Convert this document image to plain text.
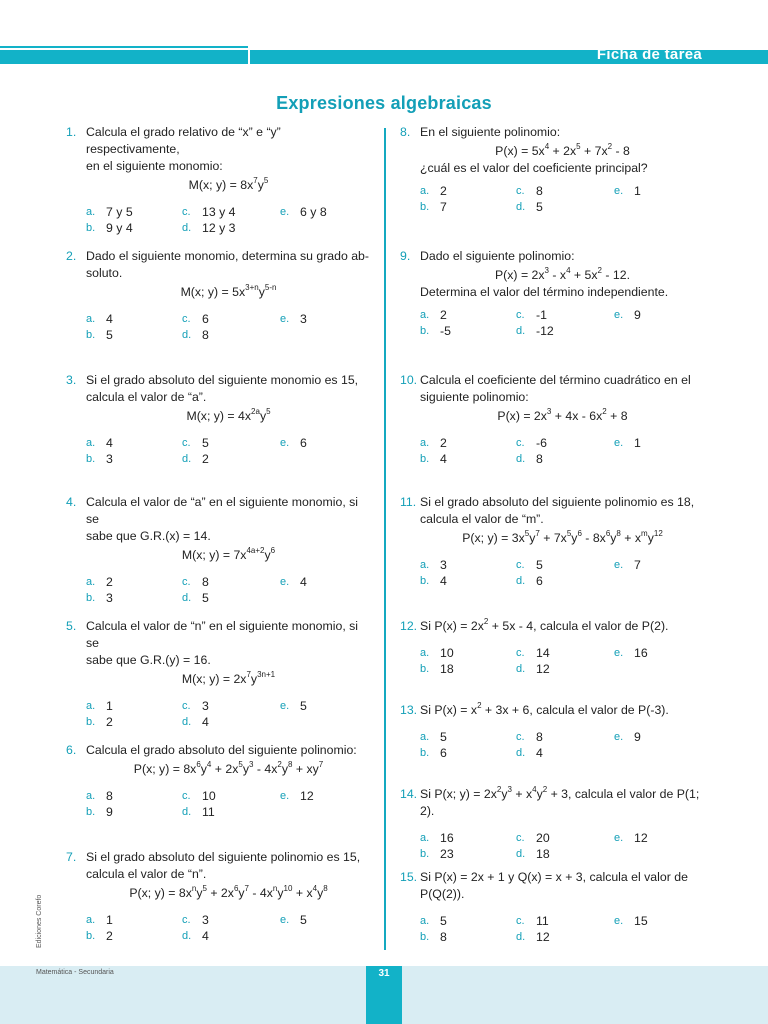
Ficha de tarea
Expresiones algebraicas
1. Calcula el grado relativo de “x” e “y” respectivamente,
en el siguiente monomio:
M(x; $y) = 8x^7y^5$
a. 7 y 5	c. 13 y 4	e. 6 y 8
b. 9 y 4	d. 12 y 3
2. Dado el siguiente monomio, determina su grado ab-
soluto.
M(x; $y) = 5x^{3+n}y^{5-n}$
a. 4	c. 6	e. 3
b. 5	d. 8
3. Si el grado absoluto del siguiente monomio es 15,
calcula el valor de “a”.
M(x; $y) = 4x^{2a}y^5$
a. 4	c. 5	e. 6
b. 3	d. 2
4. Calcula el valor de “a” en el siguiente monomio, si se
sabe que G.R.(x) = 14.
M(x; $y) = 7x^{4a+2}y^6$
a. 2	c. 8	e. 4
b. 3	d. 5
5. Calcula el valor de “n” en el siguiente monomio, si se
sabe que G.R.(y) = 16.
M(x; $y) = 2x^7y^{3n+1}$
a. 1	c. 3	e. 5
b. 2	d. 4
6. Calcula el grado absoluto del siguiente polinomio:
P(x; $y) = 8x^6y^4 + 2x^5y^3 - 4x^2y^8 + xy^7$
a. 8	c. 10	e. 12
b. 9	d. 11
7. Si el grado absoluto del siguiente polinomio es 15,
calcula el valor de “n”.
P(x; $y) = 8x^ny^5 + 2x^6y^7 - 4x^ny^{10} + x^4y^8$
a. 1	c. 3	e. 5
b. 2	d. 4
8. En el siguiente polinomio:
$P(x) = 5x^4 + 2x^5 + 7x^2 - 8$
¿cuál es el valor del coeficiente principal?
a. 2	c. 8	e. 1
b. 7	d. 5
9. Dado el siguiente polinomio:
$P(x) = 2x^3 - x^4 + 5x^2 - 12$.
Determina el valor del término independiente.
a. 2	c. -1	e. 9
b. -5	d. -12
10. Calcula el coeficiente del término cuadrático en el
siguiente polinomio:
$P(x) = 2x^3 + 4x - 6x^2 + 8$
a. 2	c. -6	e. 1
b. 4	d. 8
11. Si el grado absoluto del siguiente polinomio es 18,
calcula el valor de “m”.
P(x; $y) = 3x^5y^7 + 7x^5y^6 - 8x^6y^8 + x^my^{12}$
a. 3	c. 5	e. 7
b. 4	d. 6
12. Si $P(x) = 2x^2 + 5x - 4$, calcula el valor de P(2).
a. 10	c. 14	e. 16
b. 18	d. 12
13. Si $P(x) = x^2 + 3x + 6$, calcula el valor de P(-3).
a. 5	c. 8	e. 9
b. 6	d. 4
14. Si P(x; $y) = 2x^2y^3 + x^4y^2 + 3$, calcula el valor de P(1; 2).
a. 16	c. 20	e. 12
b. 23	d. 18
15. Si P(x) = 2x + 1 y Q(x) = x + 3, calcula el valor de
P(Q(2)).
a. 5	c. 11	e. 15
b. 8	d. 12
31
Matemática - Secundaria
Ediciones Corefo
